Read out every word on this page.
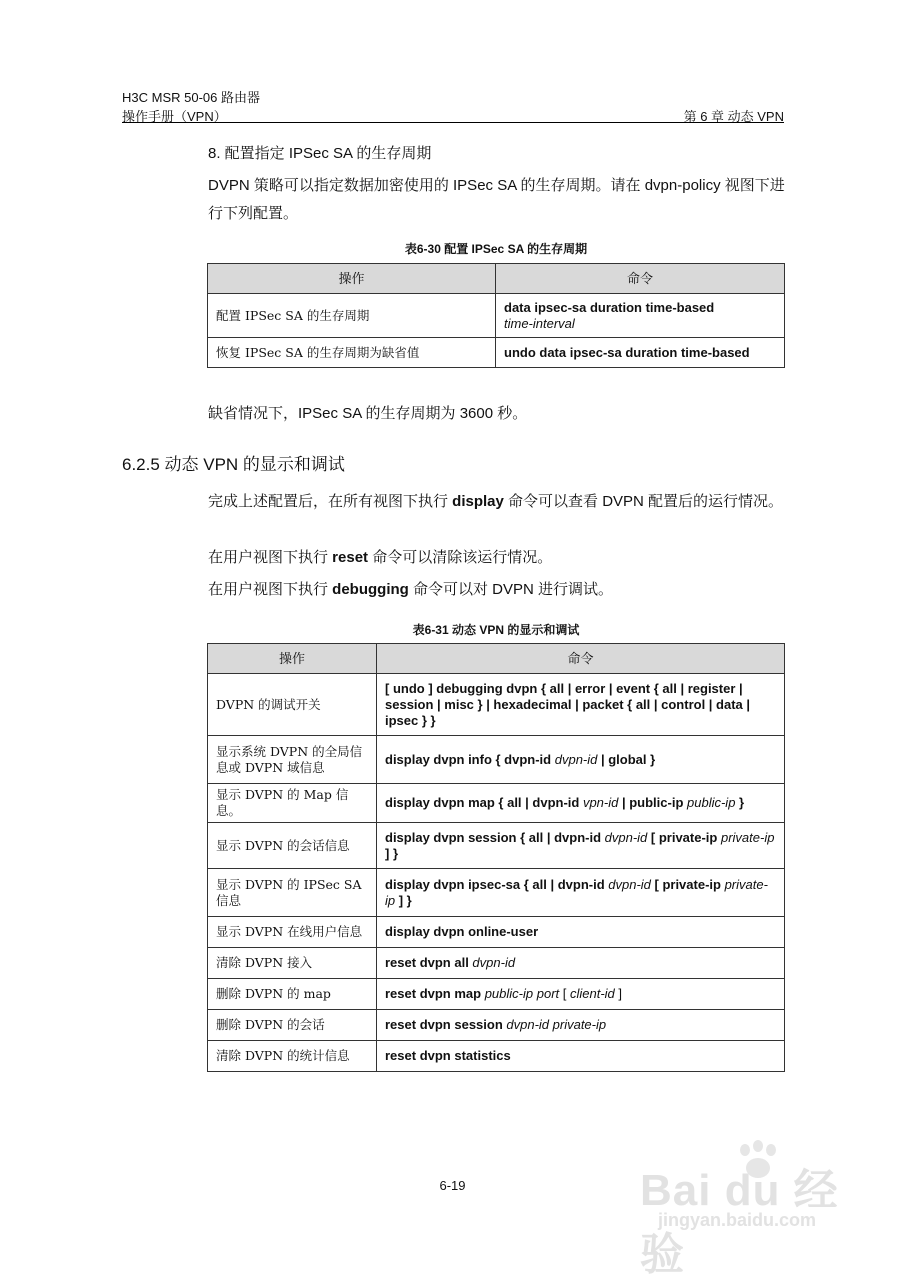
H3C MSR 50-06 路由器
操作手册（VPN）	第 6 章 动态 VPN
8. 配置指定 IPSec SA 的生存周期

DVPN 策略可以指定数据加密使用的 IPSec SA 的生存周期。请在 dvpn-policy 视图下进行下列配置。

表6-30 配置 IPSec SA 的生存周期
操作	命令
配置 IPSec SA 的生存周期	data ipsec-sa duration time-based
time-interval
恢复 IPSec SA 的生存周期为缺省值	undo data ipsec-sa duration time-based

缺省情况下，IPSec SA 的生存周期为 3600 秒。

6.2.5 动态 VPN 的显示和调试

完成上述配置后，在所有视图下执行 display 命令可以查看 DVPN 配置后的运行情况。

在用户视图下执行 reset 命令可以清除该运行情况。

在用户视图下执行 debugging 命令可以对 DVPN 进行调试。

表6-31 动态 VPN 的显示和调试
操作	命令
DVPN 的调试开关	[ undo ] debugging dvpn { all | error | event { all | register | session | misc } | hexadecimal | packet { all | control | data | ipsec } }
显示系统 DVPN 的全局信息或 DVPN 域信息	display dvpn info { dvpn-id dvpn-id | global }
显示 DVPN 的 Map 信息。	display dvpn map { all | dvpn-id vpn-id | public-ip public-ip }
显示 DVPN 的会话信息	display dvpn session { all | dvpn-id dvpn-id [ private-ip private-ip ] }
显示 DVPN 的 IPSec SA 信息	display dvpn ipsec-sa { all | dvpn-id dvpn-id [ private-ip private-ip ] }
显示 DVPN 在线用户信息	display dvpn online-user
清除 DVPN 接入	reset dvpn all dvpn-id
删除 DVPN 的 map	reset dvpn map public-ip port [ client-id ]
删除 DVPN 的会话	reset dvpn session dvpn-id private-ip
清除 DVPN 的统计信息	reset dvpn statistics
6-19	Bai du 经验
jingyan.baidu.com
